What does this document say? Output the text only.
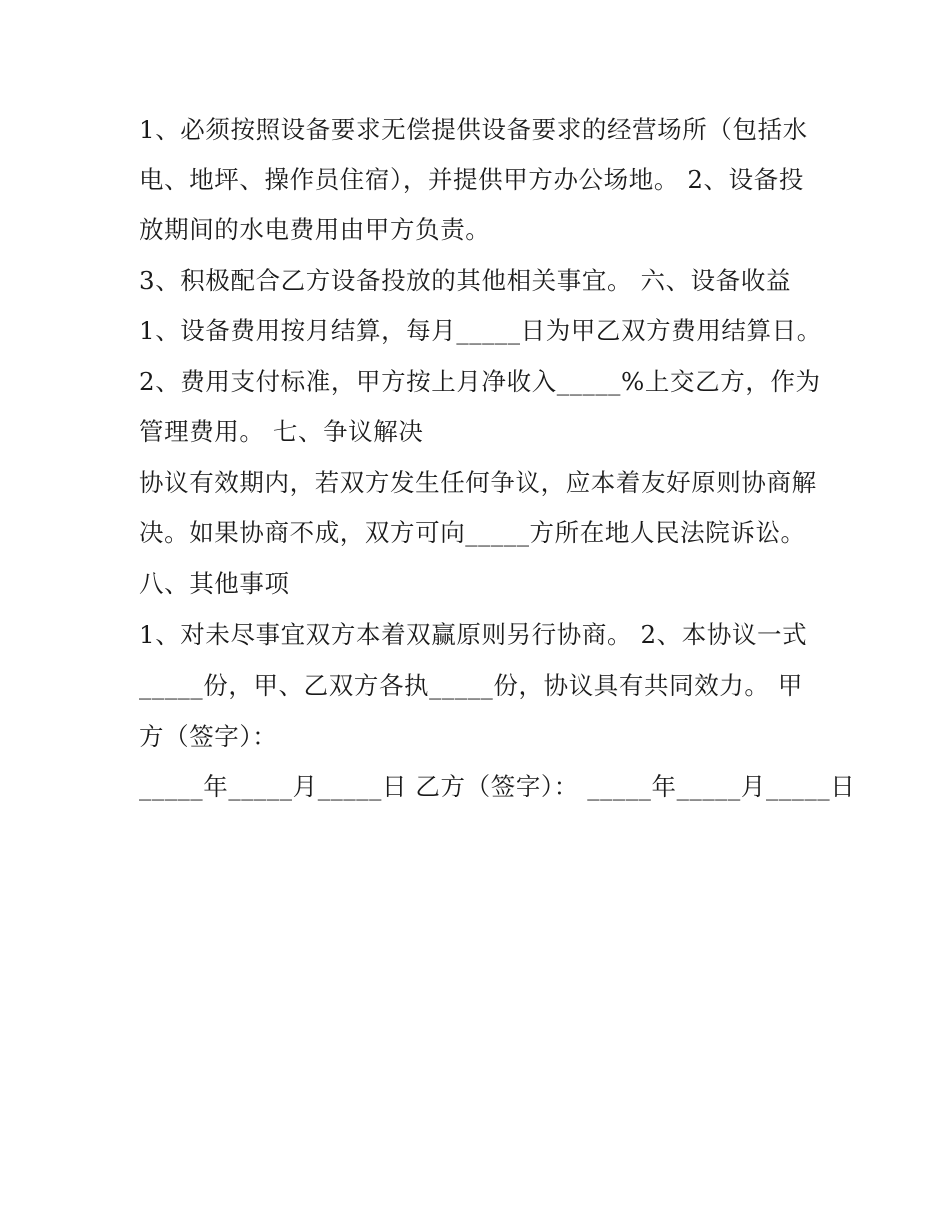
1、必须按照设备要求无偿提供设备要求的经营场所（包括水
电、地坪、操作员住宿），并提供甲方办公场地。 2、设备投
放期间的水电费用由甲方负责。
3、积极配合乙方设备投放的其他相关事宜。 六、设备收益
1、设备费用按月结算，每月_____日为甲乙双方费用结算日。
2、费用支付标准，甲方按上月净收入_____%上交乙方，作为
管理费用。 七、争议解决
协议有效期内，若双方发生任何争议，应本着友好原则协商解
决。如果协商不成，双方可向_____方所在地人民法院诉讼。
八、其他事项
1、对未尽事宜双方本着双赢原则另行协商。 2、本协议一式
_____份，甲、乙双方各执_____份，协议具有共同效力。 甲
方（签字）：
_____年_____月_____日 乙方（签字）： _____年_____月_____日
